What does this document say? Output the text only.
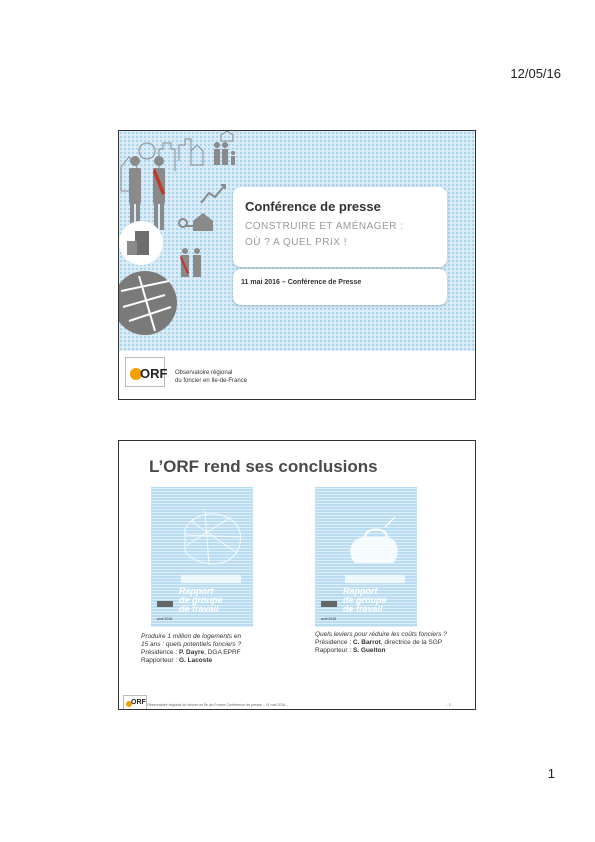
12/05/16
Conférence de presse
CONSTRUIRE ET AMÉNAGER :
OÙ ? A QUEL PRIX !
11 mai 2016 – Conférence de Presse
ORF Observatoire régional
du foncier en Ile-de-France
L’ORF rend ses conclusions
Rapport
de groupe
de travail
avril 2016
Rapport
de groupe
de travail
avril 2016
Produire 1 million de logements en
15 ans : quels potentiels fonciers ?
Présidence : P. Dayre, DGA EPRF
Rapporteur : G. Lacoste
Quels leviers pour réduire les coûts fonciers ?
Présidence : C. Barrot, directrice de la SGP
Rapporteur : S. Guelton
ORF Observatoire régional du foncier en Île-de-France Conférence de presse – 11 mai 2016 –	- 2 -
1
